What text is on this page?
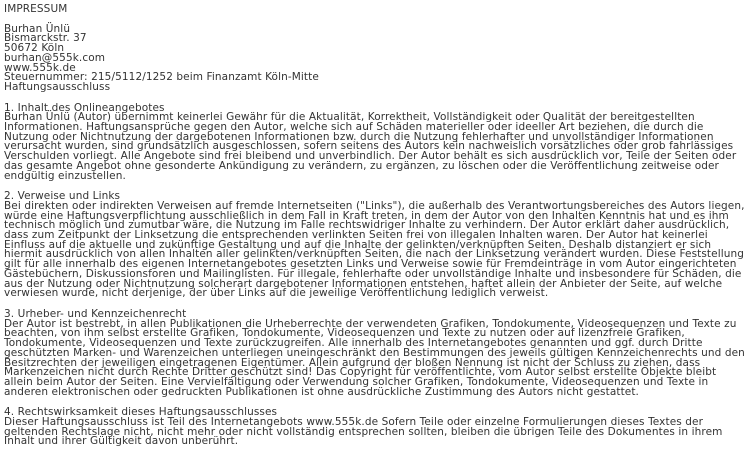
IMPRESSUM
Burhan Ünlü
Bismarckstr. 37
50672 Köln
burhan@555k.com
www.555k.de
Steuernummer: 215/5112/1252 beim Finanzamt Köln-Mitte
Haftungsausschluss
1. Inhalt des Onlineangebotes
Burhan Ünlü (Autor) übernimmt keinerlei Gewähr für die Aktualität, Korrektheit, Vollständigkeit oder Qualität der bereitgestellten Informationen. Haftungsansprüche gegen den Autor, welche sich auf Schäden materieller oder ideeller Art beziehen, die durch die Nutzung oder Nichtnutzung der dargebotenen Informationen bzw. durch die Nutzung fehlerhafter und unvollständiger Informationen verursacht wurden, sind grundsätzlich ausgeschlossen, sofern seitens des Autors kein nachweislich vorsätzliches oder grob fahrlässiges Verschulden vorliegt. Alle Angebote sind frei bleibend und unverbindlich. Der Autor behält es sich ausdrücklich vor, Teile der Seiten oder das gesamte Angebot ohne gesonderte Ankündigung zu verändern, zu ergänzen, zu löschen oder die Veröffentlichung zeitweise oder endgültig einzustellen.
2. Verweise und Links
Bei direkten oder indirekten Verweisen auf fremde Internetseiten ("Links"), die außerhalb des Verantwortungsbereiches des Autors liegen, würde eine Haftungsverpflichtung ausschließlich in dem Fall in Kraft treten, in dem der Autor von den Inhalten Kenntnis hat und es ihm technisch möglich und zumutbar wäre, die Nutzung im Falle rechtswidriger Inhalte zu verhindern. Der Autor erklärt daher ausdrücklich, dass zum Zeitpunkt der Linksetzung die entsprechenden verlinkten Seiten frei von illegalen Inhalten waren. Der Autor hat keinerlei Einfluss auf die aktuelle und zukünftige Gestaltung und auf die Inhalte der gelinkten/verknüpften Seiten. Deshalb distanziert er sich hiermit ausdrücklich von allen Inhalten aller gelinkten/verknüpften Seiten, die nach der Linksetzung verändert wurden. Diese Feststellung gilt für alle innerhalb des eigenen Internetangebotes gesetzten Links und Verweise sowie für Fremdeinträge in vom Autor eingerichteten Gästebüchern, Diskussionsforen und Mailinglisten. Für illegale, fehlerhafte oder unvollständige Inhalte und insbesondere für Schäden, die aus der Nutzung oder Nichtnutzung solcherart dargebotener Informationen entstehen, haftet allein der Anbieter der Seite, auf welche verwiesen wurde, nicht derjenige, der über Links auf die jeweilige Veröffentlichung lediglich verweist.
3. Urheber- und Kennzeichenrecht
Der Autor ist bestrebt, in allen Publikationen die Urheberrechte der verwendeten Grafiken, Tondokumente, Videosequenzen und Texte zu beachten, von ihm selbst erstellte Grafiken, Tondokumente, Videosequenzen und Texte zu nutzen oder auf lizenzfreie Grafiken, Tondokumente, Videosequenzen und Texte zurückzugreifen. Alle innerhalb des Internetangebotes genannten und ggf. durch Dritte geschützten Marken- und Warenzeichen unterliegen uneingeschränkt den Bestimmungen des jeweils gültigen Kennzeichenrechts und den Besitzrechten der jeweiligen eingetragenen Eigentümer. Allein aufgrund der bloßen Nennung ist nicht der Schluss zu ziehen, dass Markenzeichen nicht durch Rechte Dritter geschützt sind! Das Copyright für veröffentlichte, vom Autor selbst erstellte Objekte bleibt allein beim Autor der Seiten. Eine Vervielfältigung oder Verwendung solcher Grafiken, Tondokumente, Videosequenzen und Texte in anderen elektronischen oder gedruckten Publikationen ist ohne ausdrückliche Zustimmung des Autors nicht gestattet.
4. Rechtswirksamkeit dieses Haftungsausschlusses
Dieser Haftungsausschluss ist Teil des Internetangebots www.555k.de Sofern Teile oder einzelne Formulierungen dieses Textes der geltenden Rechtslage nicht, nicht mehr oder nicht vollständig entsprechen sollten, bleiben die übrigen Teile des Dokumentes in ihrem Inhalt und ihrer Gültigkeit davon unberührt.
